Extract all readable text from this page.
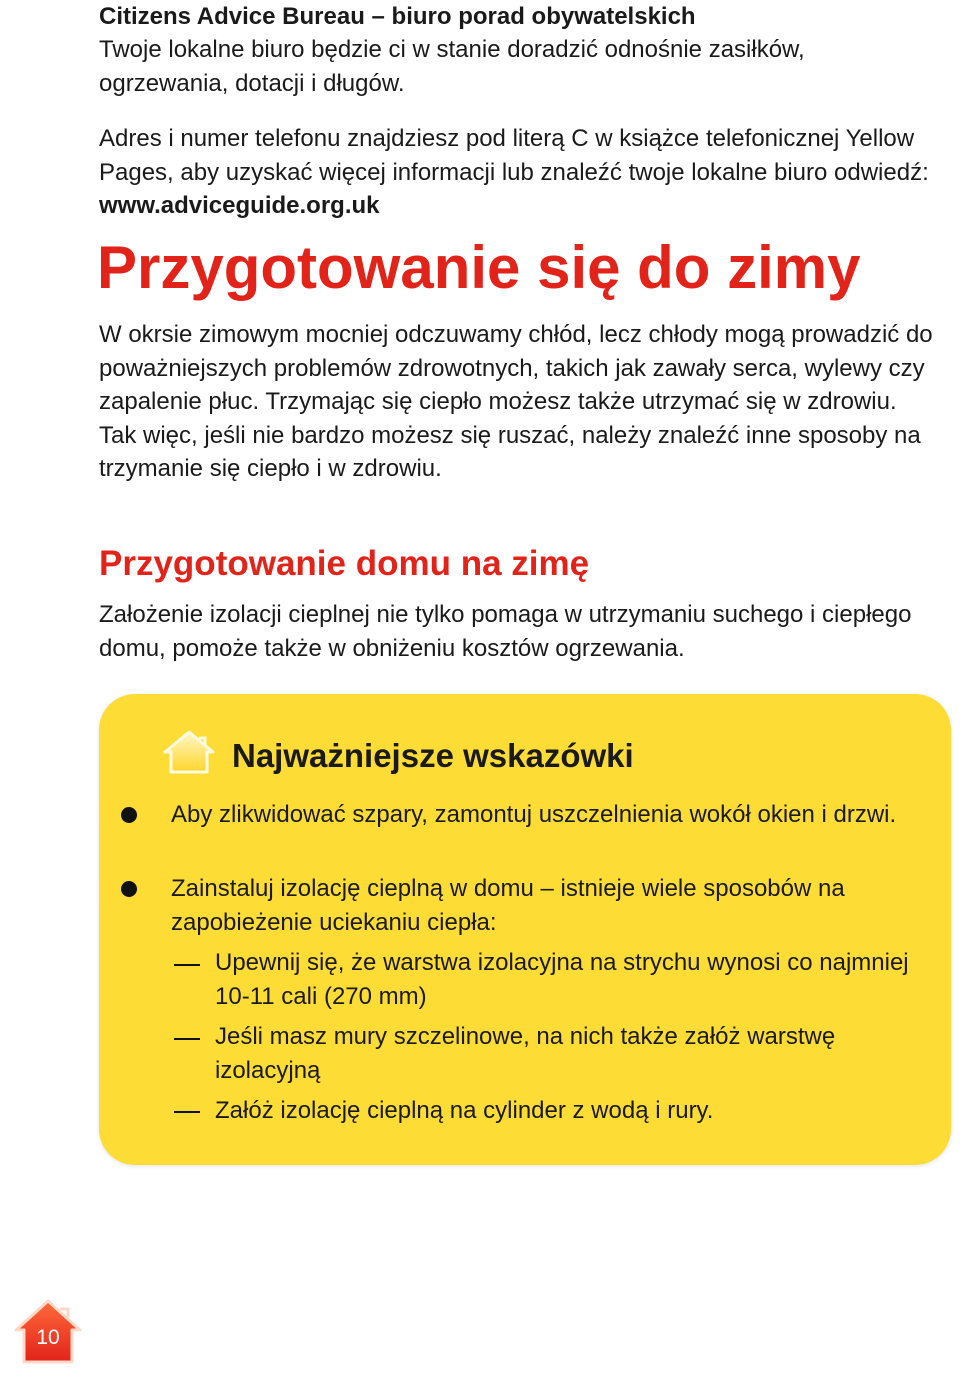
Citizens Advice Bureau – biuro porad obywatelskich

Twoje lokalne biuro będzie ci w stanie doradzić odnośnie zasiłków, ogrzewania, dotacji i długów.

Adres i numer telefonu znajdziesz pod literą C w książce telefonicznej Yellow Pages, aby uzyskać więcej informacji lub znaleźć twoje lokalne biuro odwiedź: www.adviceguide.org.uk

Przygotowanie się do zimy

W okrsie zimowym mocniej odczuwamy chłód, lecz chłody mogą prowadzić do poważniejszych problemów zdrowotnych, takich jak zawały serca, wylewy czy zapalenie płuc. Trzymając się ciepło możesz także utrzymać się w zdrowiu. Tak więc, jeśli nie bardzo możesz się ruszać, należy znaleźć inne sposoby na trzymanie się ciepło i w zdrowiu.

Przygotowanie domu na zimę

Założenie izolacji cieplnej nie tylko pomaga w utrzymaniu suchego i ciepłego domu, pomoże także w obniżeniu kosztów ogrzewania.

Najważniejsze wskazówki
Aby zlikwidować szpary, zamontuj uszczelnienia wokół okien i drzwi.
Zainstaluj izolację cieplną w domu – istnieje wiele sposobów na zapobieżenie uciekaniu ciepła:
Upewnij się, że warstwa izolacyjna na strychu wynosi co najmniej 10-11 cali (270 mm)
Jeśli masz mury szczelinowe, na nich także załóż warstwę izolacyjną
Załóż izolację cieplną na cylinder z wodą i rury.
10
